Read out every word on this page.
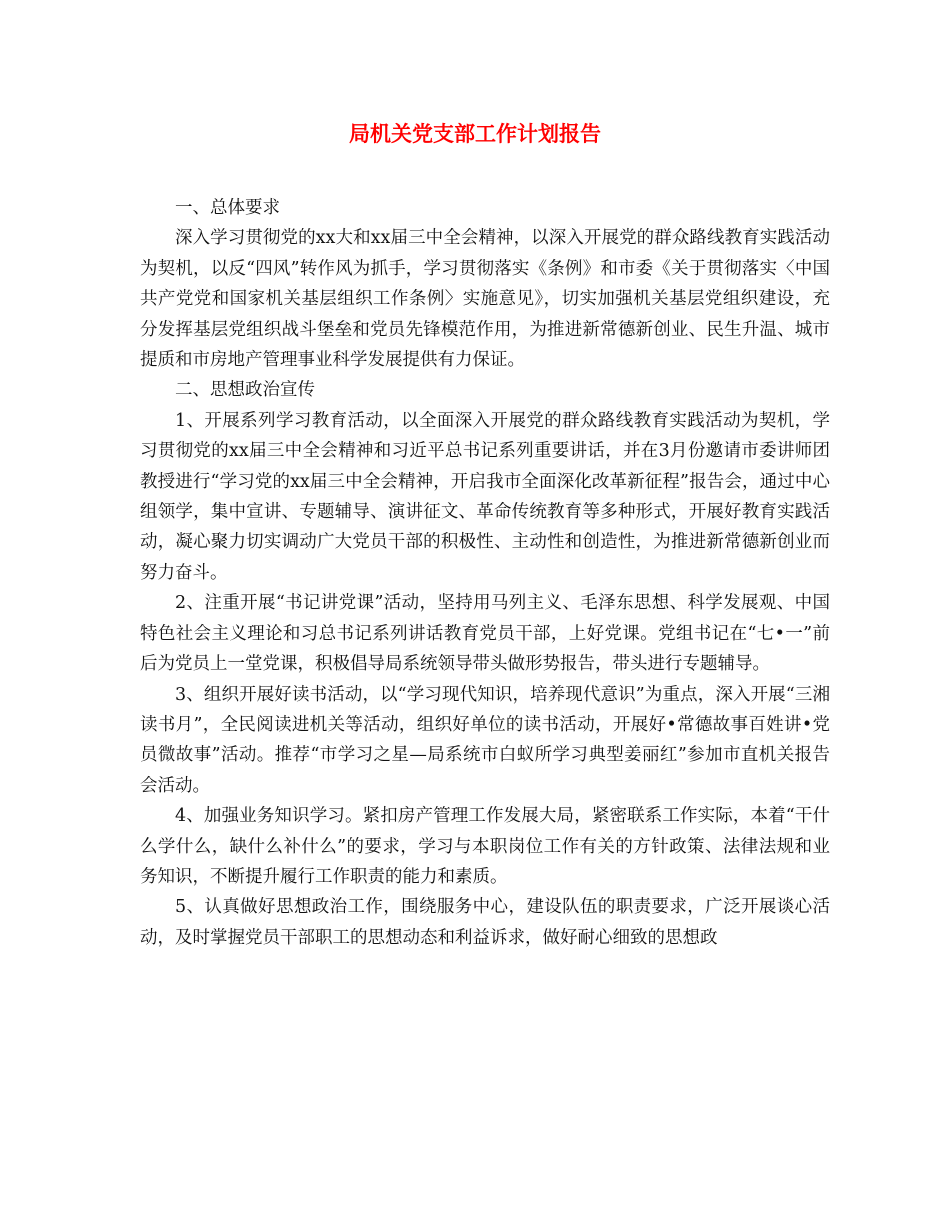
局机关党支部工作计划报告

一、总体要求

深入学习贯彻党的xx大和xx届三中全会精神，以深入开展党的群众路线教育实践活动为契机，以反“四风”转作风为抓手，学习贯彻落实《条例》和市委《关于贯彻落实〈中国共产党党和国家机关基层组织工作条例〉实施意见》，切实加强机关基层党组织建设，充分发挥基层党组织战斗堡垒和党员先锋模范作用，为推进新常德新创业、民生升温、城市提质和市房地产管理事业科学发展提供有力保证。

二、思想政治宣传

1、开展系列学习教育活动，以全面深入开展党的群众路线教育实践活动为契机，学习贯彻党的xx届三中全会精神和习近平总书记系列重要讲话，并在3月份邀请市委讲师团教授进行“学习党的xx届三中全会精神，开启我市全面深化改革新征程”报告会，通过中心组领学，集中宣讲、专题辅导、演讲征文、革命传统教育等多种形式，开展好教育实践活动，凝心聚力切实调动广大党员干部的积极性、主动性和创造性，为推进新常德新创业而努力奋斗。

2、注重开展“书记讲党课”活动，坚持用马列主义、毛泽东思想、科学发展观、中国特色社会主义理论和习总书记系列讲话教育党员干部，上好党课。党组书记在“七•一”前后为党员上一堂党课，积极倡导局系统领导带头做形势报告，带头进行专题辅导。

3、组织开展好读书活动，以“学习现代知识，培养现代意识”为重点，深入开展“三湘读书月”，全民阅读进机关等活动，组织好单位的读书活动，开展好•常德故事百姓讲•党员微故事”活动。推荐“市学习之星—局系统市白蚁所学习典型姜丽红”参加市直机关报告会活动。

4、加强业务知识学习。紧扣房产管理工作发展大局，紧密联系工作实际，本着“干什么学什么，缺什么补什么”的要求，学习与本职岗位工作有关的方针政策、法律法规和业务知识，不断提升履行工作职责的能力和素质。

5、认真做好思想政治工作，围绕服务中心，建设队伍的职责要求，广泛开展谈心活动，及时掌握党员干部职工的思想动态和利益诉求，做好耐心细致的思想政
